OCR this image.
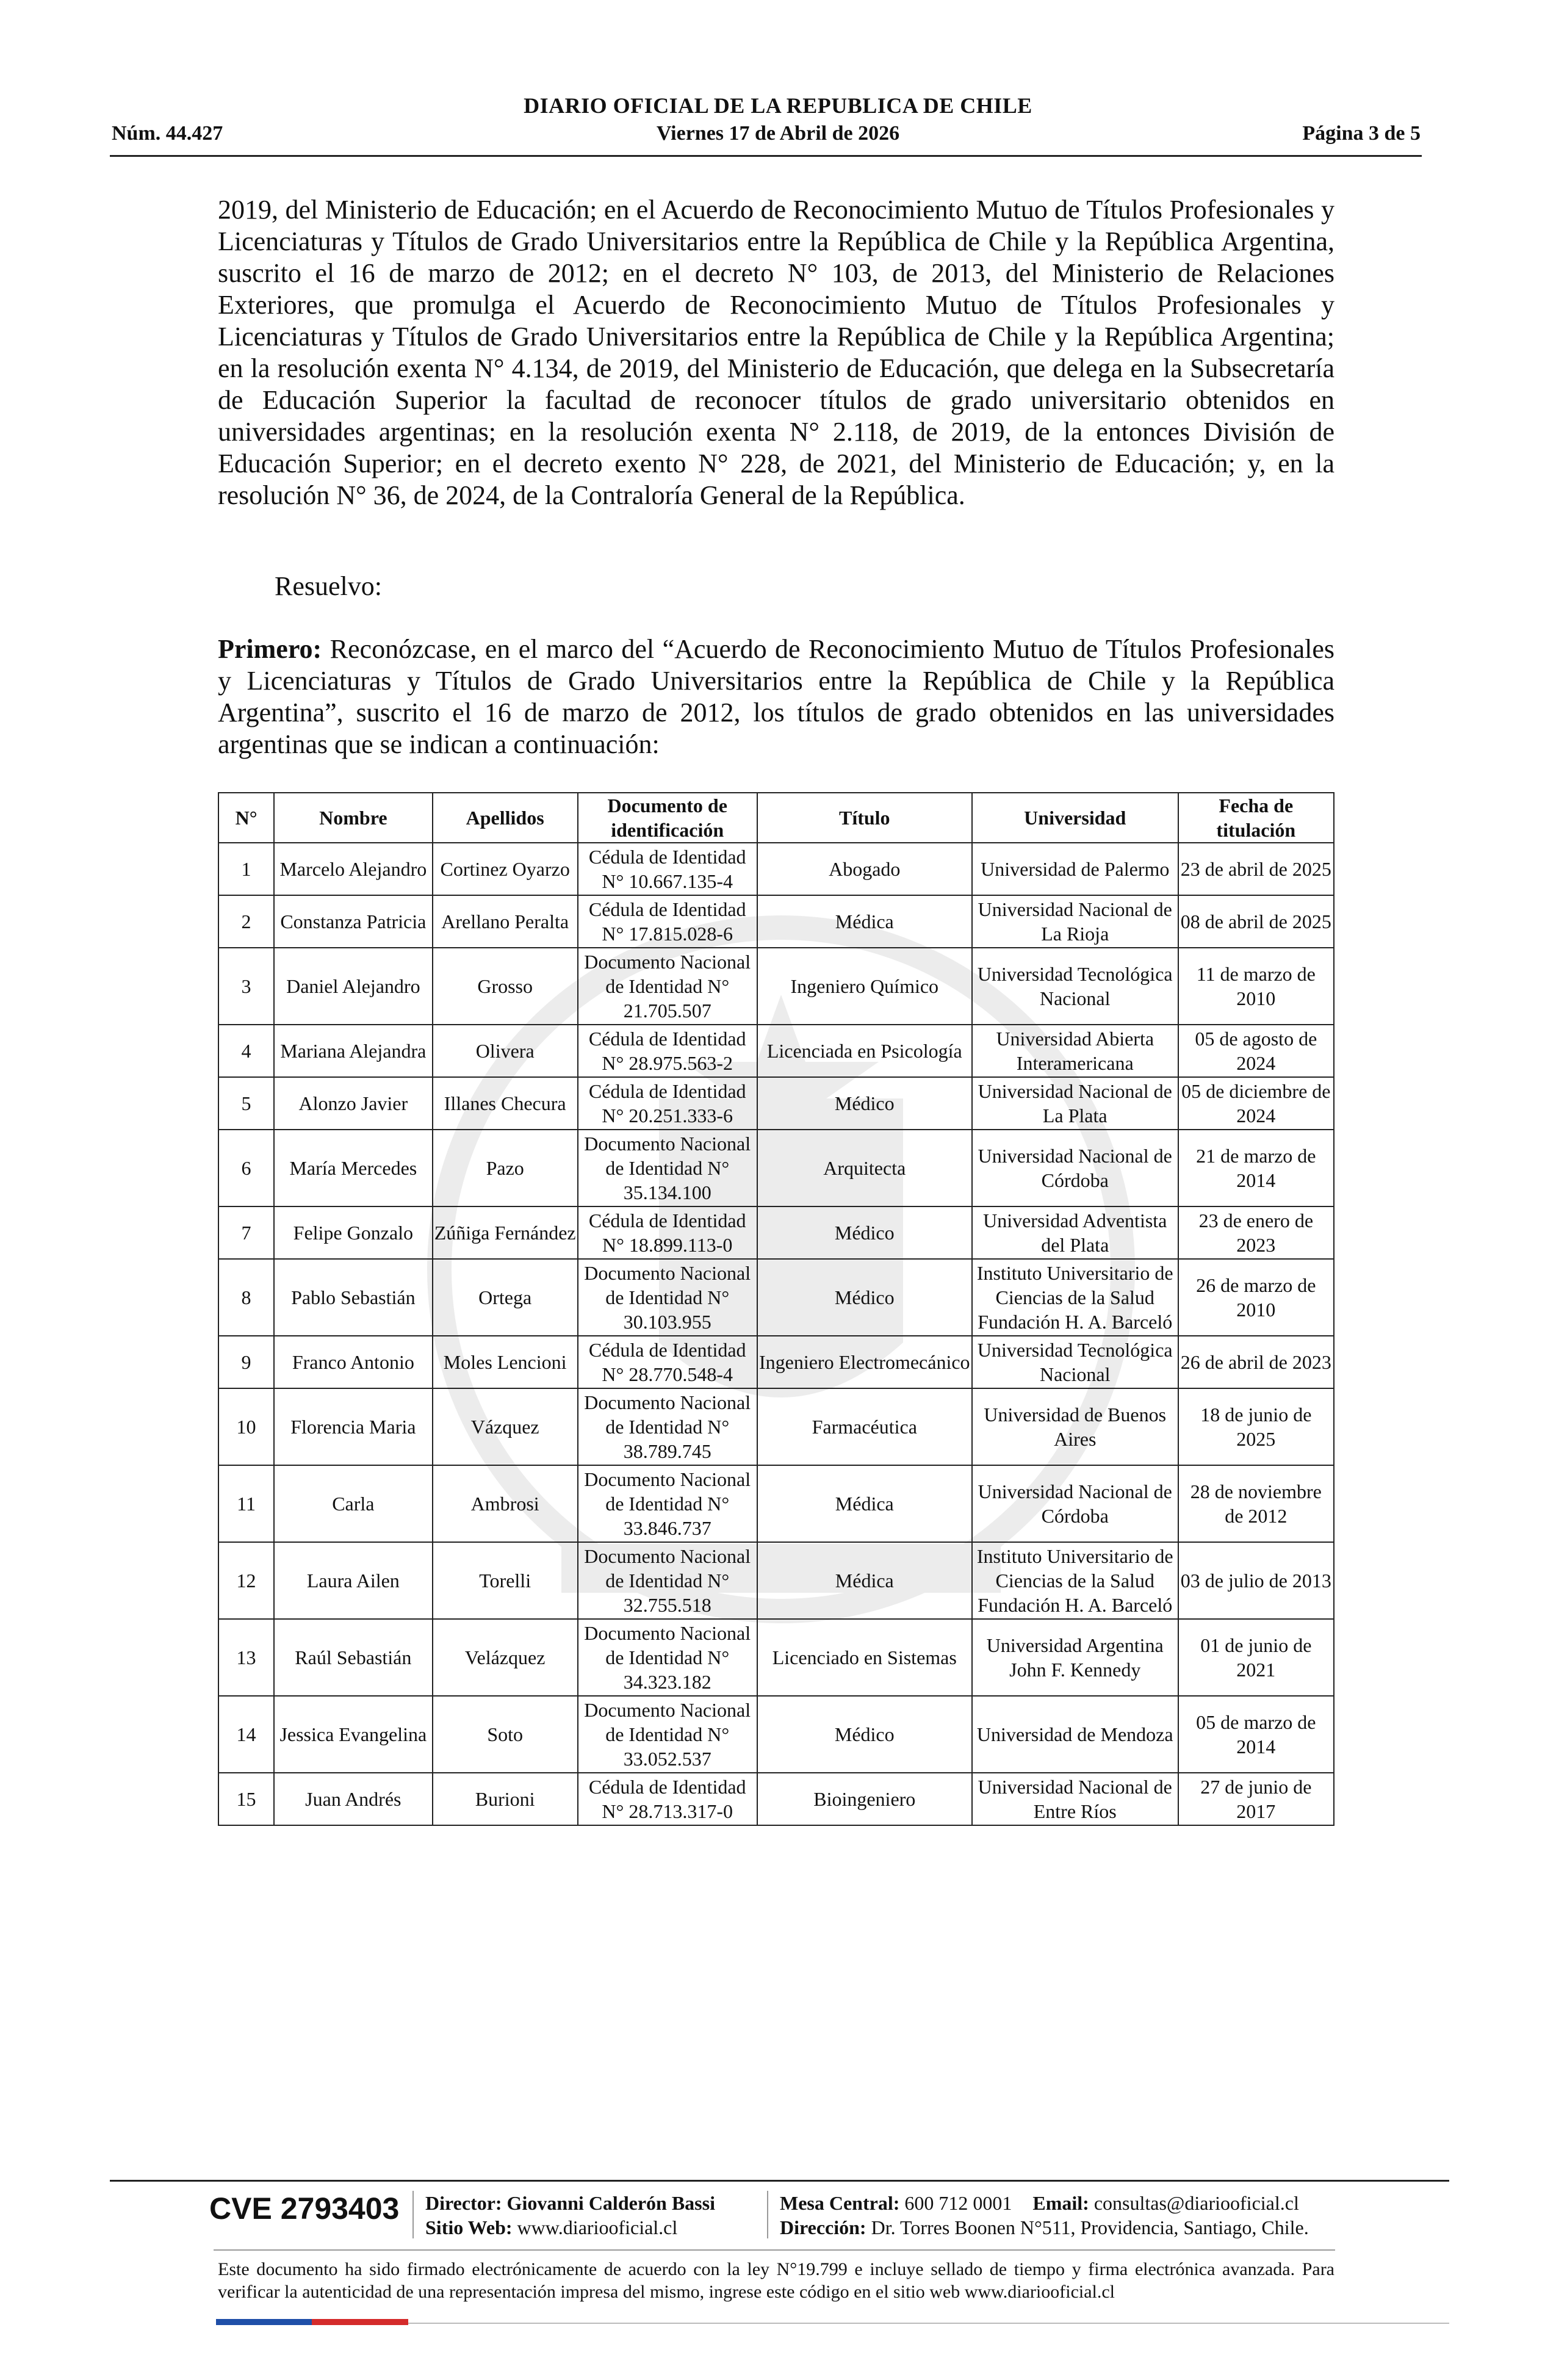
DIARIO OFICIAL DE LA REPUBLICA DE CHILE
Núm. 44.427	Viernes 17 de Abril de 2026	Página 3 de 5
2019, del Ministerio de Educación; en el Acuerdo de Reconocimiento Mutuo de Títulos Profesionales y Licenciaturas y Títulos de Grado Universitarios entre la República de Chile y la República Argentina, suscrito el 16 de marzo de 2012; en el decreto N° 103, de 2013, del Ministerio de Relaciones Exteriores, que promulga el Acuerdo de Reconocimiento Mutuo de Títulos Profesionales y Licenciaturas y Títulos de Grado Universitarios entre la República de Chile y la República Argentina; en la resolución exenta N° 4.134, de 2019, del Ministerio de Educación, que delega en la Subsecretaría de Educación Superior la facultad de reconocer títulos de grado universitario obtenidos en universidades argentinas; en la resolución exenta N° 2.118, de 2019, de la entonces División de Educación Superior; en el decreto exento N° 228, de 2021, del Ministerio de Educación; y, en la resolución N° 36, de 2024, de la Contraloría General de la República.
Resuelvo:
Primero: Reconózcase, en el marco del “Acuerdo de Reconocimiento Mutuo de Títulos Profesionales y Licenciaturas y Títulos de Grado Universitarios entre la República de Chile y la República Argentina”, suscrito el 16 de marzo de 2012, los títulos de grado obtenidos en las universidades argentinas que se indican a continuación:
N°	Nombre	Apellidos	Documento de identificación	Título	Universidad	Fecha de titulación
1	Marcelo Alejandro	Cortinez Oyarzo	Cédula de Identidad N° 10.667.135-4	Abogado	Universidad de Palermo	23 de abril de 2025
2	Constanza Patricia	Arellano Peralta	Cédula de Identidad N° 17.815.028-6	Médica	Universidad Nacional de La Rioja	08 de abril de 2025
3	Daniel Alejandro	Grosso	Documento Nacional de Identidad N° 21.705.507	Ingeniero Químico	Universidad Tecnológica Nacional	11 de marzo de 2010
4	Mariana Alejandra	Olivera	Cédula de Identidad N° 28.975.563-2	Licenciada en Psicología	Universidad Abierta Interamericana	05 de agosto de 2024
5	Alonzo Javier	Illanes Checura	Cédula de Identidad N° 20.251.333-6	Médico	Universidad Nacional de La Plata	05 de diciembre de 2024
6	María Mercedes	Pazo	Documento Nacional de Identidad N° 35.134.100	Arquitecta	Universidad Nacional de Córdoba	21 de marzo de 2014
7	Felipe Gonzalo	Zúñiga Fernández	Cédula de Identidad N° 18.899.113-0	Médico	Universidad Adventista del Plata	23 de enero de 2023
8	Pablo Sebastián	Ortega	Documento Nacional de Identidad N° 30.103.955	Médico	Instituto Universitario de Ciencias de la Salud Fundación H. A. Barceló	26 de marzo de 2010
9	Franco Antonio	Moles Lencioni	Cédula de Identidad N° 28.770.548-4	Ingeniero Electromecánico	Universidad Tecnológica Nacional	26 de abril de 2023
10	Florencia Maria	Vázquez	Documento Nacional de Identidad N° 38.789.745	Farmacéutica	Universidad de Buenos Aires	18 de junio de 2025
11	Carla	Ambrosi	Documento Nacional de Identidad N° 33.846.737	Médica	Universidad Nacional de Córdoba	28 de noviembre de 2012
12	Laura Ailen	Torelli	Documento Nacional de Identidad N° 32.755.518	Médica	Instituto Universitario de Ciencias de la Salud Fundación H. A. Barceló	03 de julio de 2013
13	Raúl Sebastián	Velázquez	Documento Nacional de Identidad N° 34.323.182	Licenciado en Sistemas	Universidad Argentina John F. Kennedy	01 de junio de 2021
14	Jessica Evangelina	Soto	Documento Nacional de Identidad N° 33.052.537	Médico	Universidad de Mendoza	05 de marzo de 2014
15	Juan Andrés	Burioni	Cédula de Identidad N° 28.713.317-0	Bioingeniero	Universidad Nacional de Entre Ríos	27 de junio de 2017
CVE 2793403 Director: Giovanni Calderón Bassi
Sitio Web: www.diariooficial.cl
Mesa Central: 600 712 0001 Email: consultas@diariooficial.cl
Dirección: Dr. Torres Boonen N°511, Providencia, Santiago, Chile.
Este documento ha sido firmado electrónicamente de acuerdo con la ley N°19.799 e incluye sellado de tiempo y firma electrónica avanzada. Para verificar la autenticidad de una representación impresa del mismo, ingrese este código en el sitio web www.diariooficial.cl
